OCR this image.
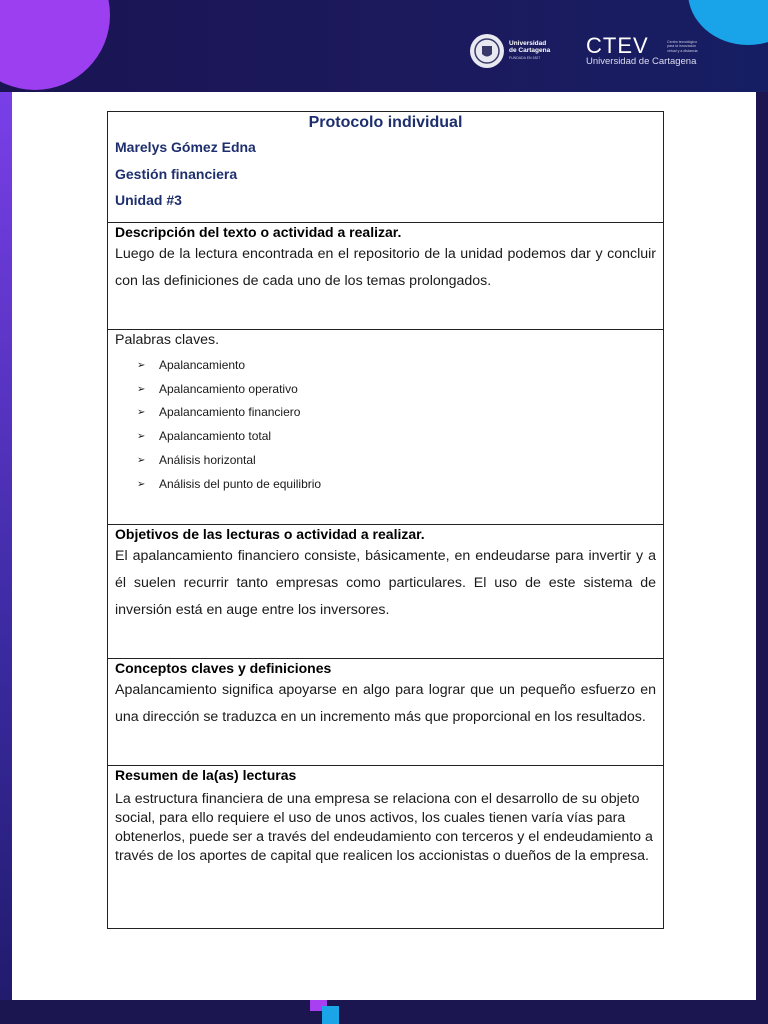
Universidad
de Cartagena
FUNDADA EN 1827	CTEV
Universidad de Cartagena
Centro tecnológico para la innovación virtual y a distancia
Protocolo individual
Marelys Gómez Edna
Gestión financiera
Unidad #3

Descripción del texto o actividad a realizar.
Luego de la lectura encontrada en el repositorio de la unidad podemos dar y concluir con las definiciones de cada uno de los temas prolongados.

Palabras claves.
➢ Apalancamiento
➢ Apalancamiento operativo
➢ Apalancamiento financiero
➢ Apalancamiento total
➢ Análisis horizontal
➢ Análisis del punto de equilibrio

Objetivos de las lecturas o actividad a realizar.
El apalancamiento financiero consiste, básicamente, en endeudarse para invertir y a él suelen recurrir tanto empresas como particulares. El uso de este sistema de inversión está en auge entre los inversores.

Conceptos claves y definiciones
Apalancamiento significa apoyarse en algo para lograr que un pequeño esfuerzo en una dirección se traduzca en un incremento más que proporcional en los resultados.

Resumen de la(as) lecturas
La estructura financiera de una empresa se relaciona con el desarrollo de su objeto social, para ello requiere el uso de unos activos, los cuales tienen varía vías para obtenerlos, puede ser a través del endeudamiento con terceros y el endeudamiento a través de los aportes de capital que realicen los accionistas o dueños de la empresa.
